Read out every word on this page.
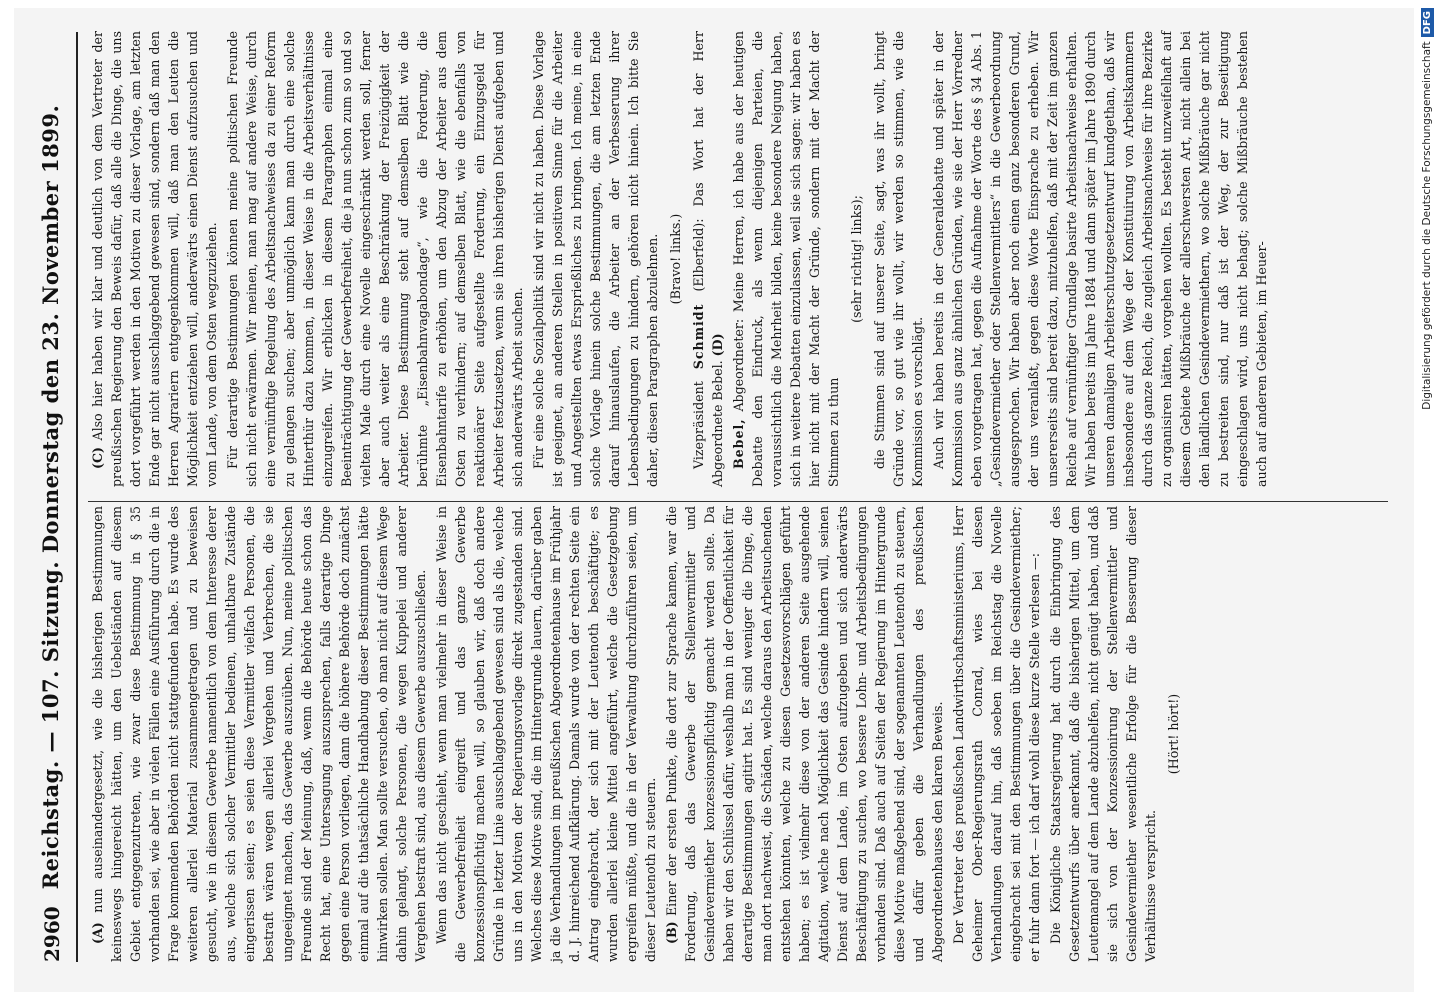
2960
Reichstag. — 107. Sitzung. Donnerstag den 23. November 1899.

(A) nun auseinandergesetzt, wie die bisherigen Bestimmungen keineswegs hingereicht hätten, um den Uebelständen auf diesem Gebiet entgegenzutreten, wie zwar diese Bestimmung in § 35 vorhanden sei, wie aber in vielen Fällen eine Ausführung durch die in Frage kommenden Behörden nicht stattgefunden habe. Es wurde des weiteren allerlei Material zusammengetragen und zu beweisen gesucht, wie in diesem Gewerbe namentlich von dem Interesse derer aus, welche sich solcher Vermittler bedienen, unhaltbare Zustände eingerissen seien; es seien diese Vermittler vielfach Personen, die bestraft wären wegen allerlei Vergehen und Verbrechen, die sie ungeeignet machen, das Gewerbe auszuüben. Nun, meine politischen Freunde sind der Meinung, daß, wenn die Behörde heute schon das Recht hat, eine Untersagung auszusprechen, falls derartige Dinge gegen eine Person vorliegen, dann die höhere Behörde doch zunächst einmal auf die thatsächliche Handhabung dieser Bestimmungen hätte hinwirken sollen. Man sollte versuchen, ob man nicht auf diesem Wege dahin gelangt, solche Personen, die wegen Kuppelei und anderer Vergehen bestraft sind, aus diesem Gewerbe auszuschließen. Wenn das nicht geschieht, wenn man vielmehr in dieser Weise in die Gewerbefreiheit eingreift und das ganze Gewerbe konzessionspflichtig machen will, so glauben wir, daß doch andere Gründe in letzter Linie ausschlaggebend gewesen sind als die, welche uns in den Motiven der Regierungsvorlage direkt zugestanden sind. Welches diese Motive sind, die im Hintergrunde lauern, darüber gaben ja die Verhandlungen im preußischen Abgeordnetenhause im Frühjahr d. J. hinreichend Aufklärung. Damals wurde von der rechten Seite ein Antrag eingebracht, der sich mit der Leutenoth beschäftigte; es wurden allerlei kleine Mittel angeführt, welche die Gesetzgebung ergreifen müßte, und die in der Verwaltung durchzuführen seien, um dieser Leutenoth zu steuern. (B) Einer der ersten Punkte, die dort zur Sprache kamen, war die Forderung, daß das Gewerbe der Stellenvermittler und Gesindevermiether konzessionspflichtig gemacht werden sollte. Da haben wir den Schlüssel dafür, weshalb man in der Oeffentlichkeit für derartige Bestimmungen agitirt hat. Es sind weniger die Dinge, die man dort nachweist, die Schäden, welche daraus den Arbeitsuchenden entstehen könnten, welche zu diesen Gesetzesvorschlägen geführt haben; es ist vielmehr diese von der anderen Seite ausgehende Agitation, welche nach Möglichkeit das Gesinde hindern will, seinen Dienst auf dem Lande, im Osten aufzugeben und sich anderwärts Beschäftigung zu suchen, wo bessere Lohn- und Arbeitsbedingungen vorhanden sind. Daß auch auf Seiten der Regierung im Hintergrunde diese Motive maßgebend sind, der sogenannten Leutenoth zu steuern, und dafür geben die Verhandlungen des preußischen Abgeordnetenhauses den klaren Beweis. Der Vertreter des preußischen Landwirthschaftsministeriums, Herr Geheimer Ober-Regierungsrath Conrad, wies bei diesen Verhandlungen darauf hin, daß soeben im Reichstag die Novelle eingebracht sei mit den Bestimmungen über die Gesindevermiether; er fuhr dann fort — ich darf wohl diese kurze Stelle verlesen —: Die Königliche Staatsregierung hat durch die Einbringung des Gesetzentwurfs über anerkannt, daß die bisherigen Mittel, um dem Leutemangel auf dem Lande abzuhelfen, nicht genügt haben, und daß sie sich von der Konzessionirung der Stellenvermittler und Gesindevermiether wesentliche Erfolge für die Besserung dieser Verhältnisse verspricht.

(Hört! hört!)

(C) Also hier haben wir klar und deutlich von dem Vertreter der preußischen Regierung den Beweis dafür, daß alle die Dinge, die uns dort vorgeführt werden in den Motiven zu dieser Vorlage, am letzten Ende gar nicht ausschlaggebend gewesen sind, sondern daß man den Herren Agrariern entgegenkommen will, daß man den Leuten die Möglichkeit entziehen will, anderwärts einen Dienst aufzusuchen und vom Lande, von dem Osten wegzuziehen. Für derartige Bestimmungen können meine politischen Freunde sich nicht erwärmen. Wir meinen, man mag auf andere Weise, durch eine vernünftige Regelung des Arbeitsnachweises da zu einer Reform zu gelangen suchen; aber unmöglich kann man durch eine solche Hinterthür dazu kommen, in dieser Weise in die Arbeitsverhältnisse einzugreifen. Wir erblicken in diesem Paragraphen einmal eine Beeinträchtigung der Gewerbefreiheit, die ja nun schon zum so und so vielten Male durch eine Novelle eingeschränkt werden soll, ferner aber auch weiter als eine Beschränkung der Freizügigkeit der Arbeiter. Diese Bestimmung steht auf demselben Blatt wie die berühmte „Eisenbahnvagabondage“, wie die Forderung, die Eisenbahntarife zu erhöhen, um den Abzug der Arbeiter aus dem Osten zu verhindern; auf demselben Blatt, wie die ebenfalls von reaktionärer Seite aufgestellte Forderung, ein Einzugsgeld für Arbeiter festzusetzen, wenn sie ihren bisherigen Dienst aufgeben und sich anderwärts Arbeit suchen. Für eine solche Sozialpolitik sind wir nicht zu haben. Diese Vorlage ist geeignet, an anderen Stellen in positivem Sinne für die Arbeiter und Angestellten etwas Ersprießliches zu bringen. Ich meine, in eine solche Vorlage hinein solche Bestimmungen, die am letzten Ende darauf hinauslaufen, die Arbeiter an der Verbesserung ihrer Lebensbedingungen zu hindern, gehören nicht hinein. Ich bitte Sie daher, diesen Paragraphen abzulehnen. (Bravo! links.)

Vizepräsident Schmidt (Elberfeld): Das Wort hat der Herr Abgeordnete Bebel. (D)

Bebel, Abgeordneter: Meine Herren, ich habe aus der heutigen Debatte den Eindruck, als wenn diejenigen Parteien, die voraussichtlich die Mehrheit bilden, keine besondere Neigung haben, sich in weitere Debatten einzulassen, weil sie sich sagen: wir haben es hier nicht mit der Macht der Gründe, sondern mit der Macht der Stimmen zu thun

(sehr richtig! links); die Stimmen sind auf unserer Seite, sagt, was ihr wollt, bringt Gründe vor, so gut wie ihr wollt, wir werden so stimmen, wie die Kommission es vorschlägt. Auch wir haben bereits in der Generaldebatte und später in der Kommission aus ganz ähnlichen Gründen, wie sie der Herr Vorredner eben vorgetragen hat, gegen die Aufnahme der Worte des § 34 Abs. 1 „Gesindevermiether oder Stellenvermittlers“ in die Gewerbeordnung ausgesprochen. Wir haben aber noch einen ganz besonderen Grund, der uns veranlaßt, gegen diese Worte Einsprache zu erheben. Wir unsererseits sind bereit dazu, mitzuhelfen, daß mit der Zeit im ganzen Reiche auf vernünftiger Grundlage basirte Arbeitsnachweise erhalten. Wir haben bereits im Jahre 1884 und dann später im Jahre 1890 durch unseren damaligen Arbeiterschutzgesetzentwurf kundgethan, daß wir insbesondere auf dem Wege der Konstituirung von Arbeitskammern durch das ganze Reich, die zugleich Arbeitsnachweise für ihre Bezirke zu organisiren hätten, vorgehen wollten. Es besteht unzweifelhaft auf diesem Gebiete Mißbräuche der allerschwersten Art, nicht allein bei den ländlichen Gesindevermiethern, wo solche Mißbräuche gar nicht zu bestreiten sind, nur daß ist der Weg, der zur Beseitigung eingeschlagen wird, uns nicht behagt; solche Mißbräuche bestehen auch auf anderen Gebieten, im Heuer-	Digitalisierung gefördert durch die Deutsche ForschungsgemeinschaftDFG
